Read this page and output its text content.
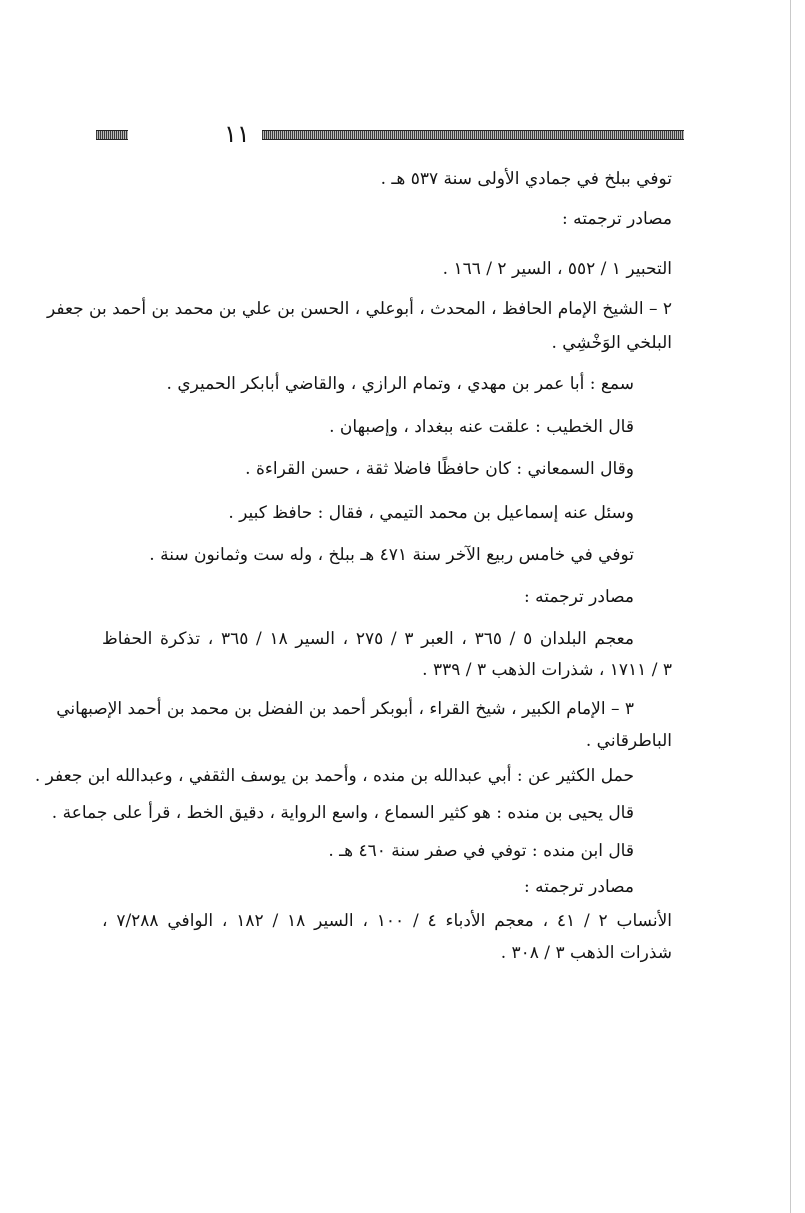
١١
توفي ببلخ في جمادي الأولى سنة ٥٣٧ هـ .
مصادر ترجمته :
التحبير ١ / ٥٥٢ ، السير ٢ / ١٦٦ .
٢ – الشيخ الإمام الحافظ ، المحدث ، أبوعلي ، الحسن بن علي بن محمد بن أحمد بن جعفر
البلخي الوَخْشِي .
سمع : أبا عمر بن مهدي ، وتمام الرازي ، والقاضي أبابكر الحميري .
قال الخطيب : علقت عنه ببغداد ، وإصبهان .
وقال السمعاني : كان حافظًا فاضلا ثقة ، حسن القراءة .
وسئل عنه إسماعيل بن محمد التيمي ، فقال : حافظ كبير .
توفي في خامس ربيع الآخر سنة ٤٧١ هـ ببلخ ، وله ست وثمانون سنة .
مصادر ترجمته :
معجم البلدان ٥ / ٣٦٥ ، العبر ٣ / ٢٧٥ ، السير ١٨ / ٣٦٥ ، تذكرة الحفاظ
٣ / ١٧١١ ، شذرات الذهب ٣ / ٣٣٩ .
٣ – الإمام الكبير ، شيخ القراء ، أبوبكر أحمد بن الفضل بن محمد بن أحمد الإصبهاني
الباطرقاني .
حمل الكثير عن : أبي عبدالله بن منده ، وأحمد بن يوسف الثقفي ، وعبدالله ابن جعفر .
قال يحيى بن منده : هو كثير السماع ، واسع الرواية ، دقيق الخط ، قرأ على جماعة .
قال ابن منده : توفي في صفر سنة ٤٦٠ هـ .
مصادر ترجمته :
الأنساب ٢ / ٤١ ، معجم الأدباء ٤ / ١٠٠ ، السير ١٨ / ١٨٢ ، الوافي ٧/٢٨٨ ،
شذرات الذهب ٣ / ٣٠٨ .
